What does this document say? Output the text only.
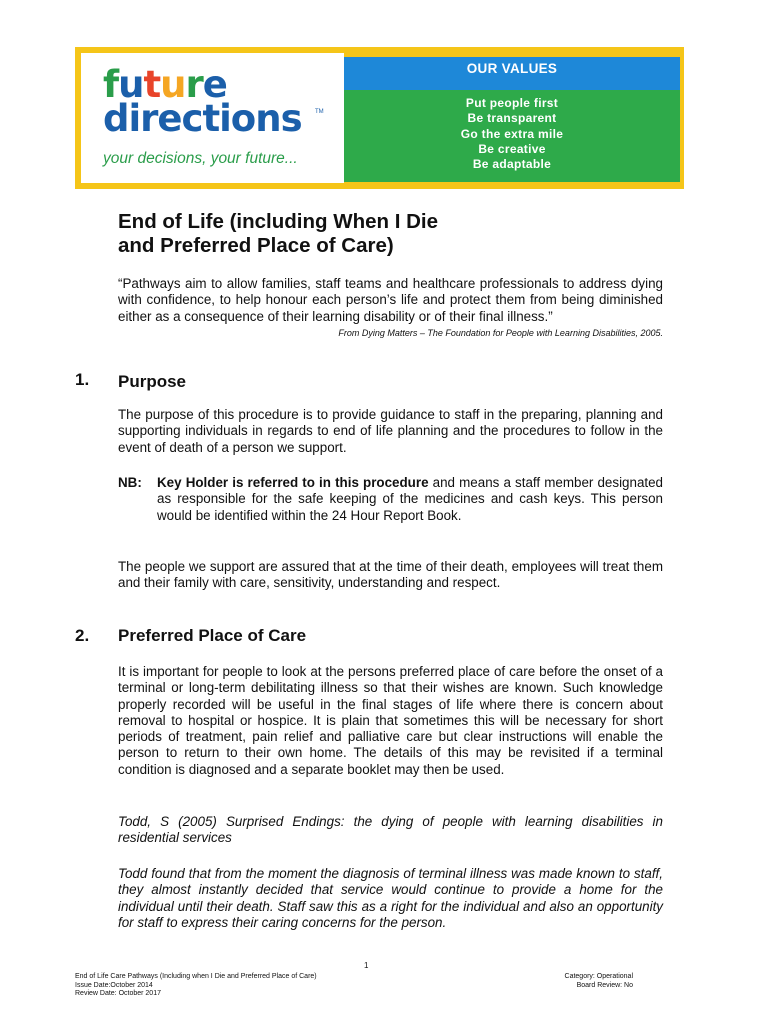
future
directions TM
your decisions, your future...
OUR VALUES
Put people first
Be transparent
Go the extra mile
Be creative
Be adaptable
End of Life (including When I Die
and Preferred Place of Care)

“Pathways aim to allow families, staff teams and healthcare professionals to address dying with confidence, to help honour each person’s life and protect them from being diminished either as a consequence of their learning disability or of their final illness.”

From Dying Matters – The Foundation for People with Learning Disabilities, 2005.

1. Purpose

The purpose of this procedure is to provide guidance to staff in the preparing, planning and supporting individuals in regards to end of life planning and the procedures to follow in the event of death of a person we support.

NB: Key Holder is referred to in this procedure and means a staff member designated as responsible for the safe keeping of the medicines and cash keys. This person would be identified within the 24 Hour Report Book.

The people we support are assured that at the time of their death, employees will treat them and their family with care, sensitivity, understanding and respect.

2. Preferred Place of Care

It is important for people to look at the persons preferred place of care before the onset of a terminal or long-term debilitating illness so that their wishes are known. Such knowledge properly recorded will be useful in the final stages of life where there is concern about removal to hospital or hospice. It is plain that sometimes this will be necessary for short periods of treatment, pain relief and palliative care but clear instructions will enable the person to return to their own home. The details of this may be revisited if a terminal condition is diagnosed and a separate booklet may then be used.

Todd, S (2005) Surprised Endings: the dying of people with learning disabilities in residential services

Todd found that from the moment the diagnosis of terminal illness was made known to staff, they almost instantly decided that service would continue to provide a home for the individual until their death. Staff saw this as a right for the individual and also an opportunity for staff to express their caring concerns for the person.

1
End of Life Care Pathways (Including when I Die and Preferred Place of Care)
Issue Date:October 2014
Review Date: October 2017
Category: Operational
Board Review: No
